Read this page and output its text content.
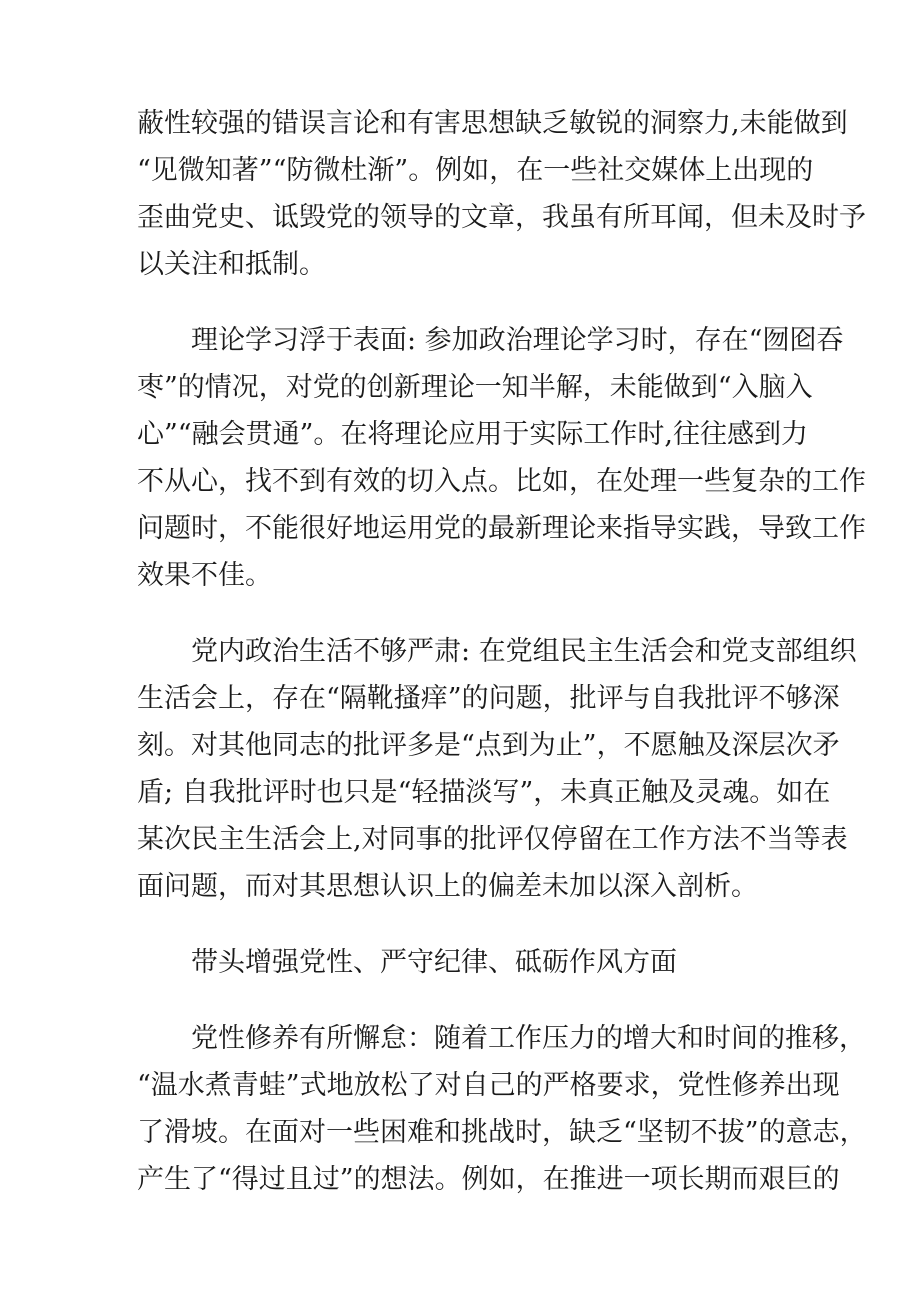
蔽性较强的错误言论和有害思想缺乏敏锐的洞察力,未能做到
“见微知著”“防微杜渐”。例如，在一些社交媒体上出现的
歪曲党史、诋毁党的领导的文章，我虽有所耳闻，但未及时予
以关注和抵制。

理论学习浮于表面: 参加政治理论学习时，存在“囫囵吞
枣”的情况，对党的创新理论一知半解，未能做到“入脑入
心”“融会贯通”。在将理论应用于实际工作时,往往感到力
不从心，找不到有效的切入点。比如，在处理一些复杂的工作
问题时，不能很好地运用党的最新理论来指导实践，导致工作
效果不佳。

党内政治生活不够严肃: 在党组民主生活会和党支部组织
生活会上，存在“隔靴搔痒”的问题，批评与自我批评不够深
刻。对其他同志的批评多是“点到为止”，不愿触及深层次矛
盾; 自我批评时也只是“轻描淡写”，未真正触及灵魂。如在
某次民主生活会上,对同事的批评仅停留在工作方法不当等表
面问题，而对其思想认识上的偏差未加以深入剖析。

带头增强党性、严守纪律、砥砺作风方面

党性修养有所懈怠：随着工作压力的增大和时间的推移，
“温水煮青蛙”式地放松了对自己的严格要求，党性修养出现
了滑坡。在面对一些困难和挑战时，缺乏“坚韧不拔”的意志，
产生了“得过且过”的想法。例如，在推进一项长期而艰巨的
